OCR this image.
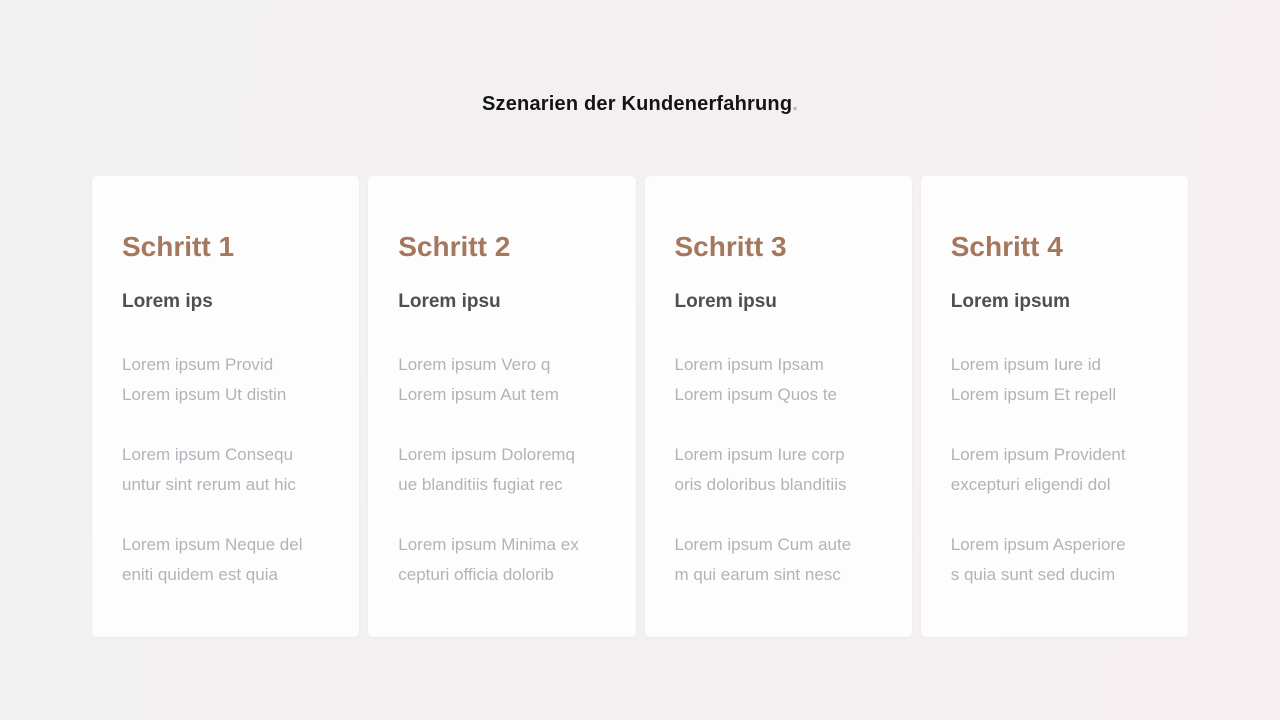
Szenarien der Kundenerfahrung.
Schritt 1
Lorem ips

Lorem ipsum Provid
Lorem ipsum Ut distin

Lorem ipsum Consequ
untur sint rerum aut hic

Lorem ipsum Neque del
eniti quidem est quia

Schritt 2
Lorem ipsu

Lorem ipsum Vero q
Lorem ipsum Aut tem

Lorem ipsum Doloremq
ue blanditiis fugiat rec

Lorem ipsum Minima ex
cepturi officia dolorib

Schritt 3
Lorem ipsu

Lorem ipsum Ipsam
Lorem ipsum Quos te

Lorem ipsum Iure corp
oris doloribus blanditiis

Lorem ipsum Cum aute
m qui earum sint nesc

Schritt 4
Lorem ipsum

Lorem ipsum Iure id
Lorem ipsum Et repell

Lorem ipsum Provident
excepturi eligendi dol

Lorem ipsum Asperiore
s quia sunt sed ducim
